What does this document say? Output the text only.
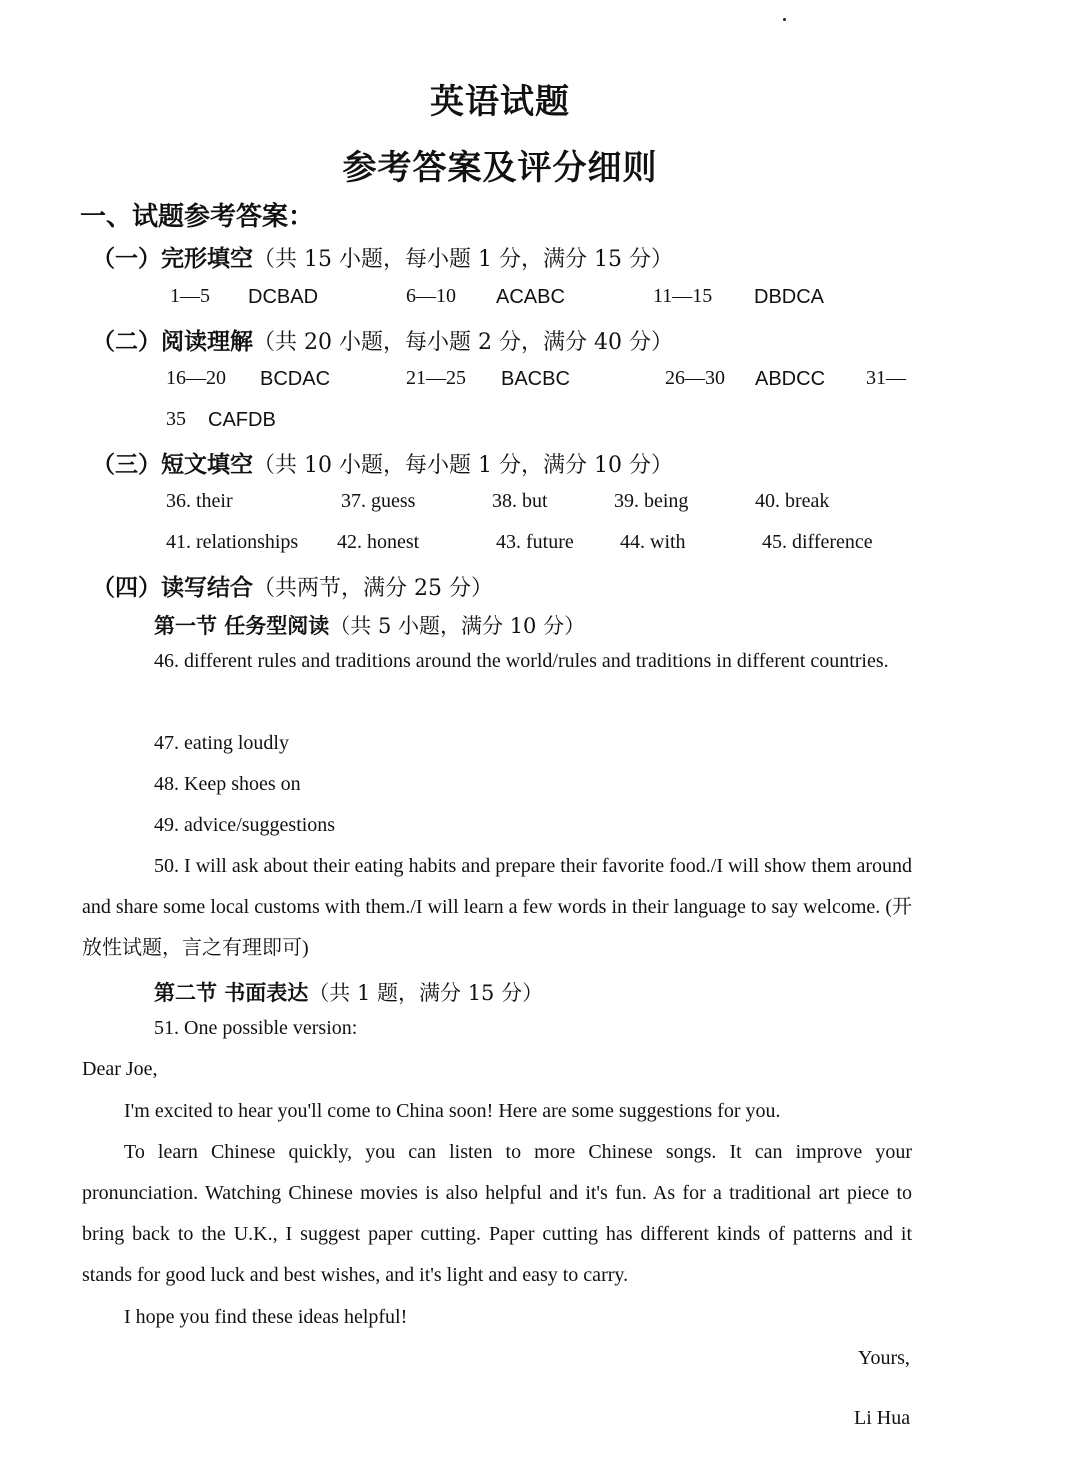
英语试题
参考答案及评分细则
一、试题参考答案：
（一）完形填空（共 15 小题，每小题 1 分，满分 15 分）
1—5 DCBAD	6—10 ACABC	11—15 DBDCA
（二）阅读理解（共 20 小题，每小题 2 分，满分 40 分）
16—20 BCDAC	21—25 BACBC	26—30 ABDCC 31—
35 CAFDB
（三）短文填空（共 10 小题，每小题 1 分，满分 10 分）
36. their	37. guess	38. but	39. being	40. break
41. relationships 42. honest	43. future 44. with	45. difference
（四）读写结合（共两节，满分 25 分）
第一节 任务型阅读（共 5 小题，满分 10 分）
46. different rules and traditions around the world/rules and traditions in different countries.
47. eating loudly
48. Keep shoes on
49. advice/suggestions
50. I will ask about their eating habits and prepare their favorite food./I will show them around and share some local customs with them./I will learn a few words in their language to say welcome. (开放性试题，言之有理即可)
第二节 书面表达（共 1 题，满分 15 分）
51. One possible version:
Dear Joe,
I'm excited to hear you'll come to China soon! Here are some suggestions for you.
To learn Chinese quickly, you can listen to more Chinese songs. It can improve your pronunciation. Watching Chinese movies is also helpful and it's fun. As for a traditional art piece to bring back to the U.K., I suggest paper cutting. Paper cutting has different kinds of patterns and it stands for good luck and best wishes, and it's light and easy to carry.
I hope you find these ideas helpful!
Yours,
Li Hua
